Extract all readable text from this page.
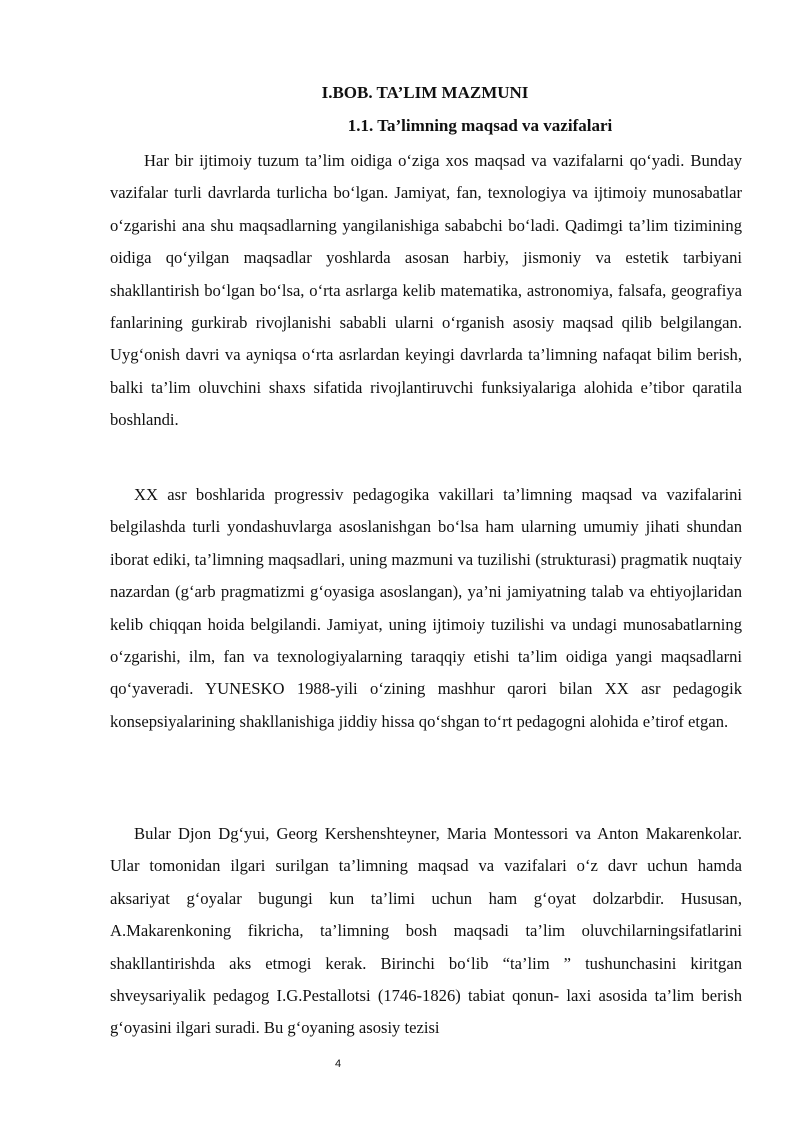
I.BOB. TA’LIM MAZMUNI
1.1. Ta’limning maqsad va vazifalari

Har bir ijtimoiy tuzum ta’lim oidiga o‘ziga xos maqsad va vazifalarni qo‘yadi. Bunday vazifalar turli davrlarda turlicha bo‘lgan. Jamiyat, fan, texnologiya va ijtimoiy munosabatlar o‘zgarishi ana shu maqsadlarning yangilanishiga sababchi bo‘ladi. Qadimgi ta’lim tizimining oidiga qo‘yilgan maqsadlar yoshlarda asosan harbiy, jismoniy va estetik tarbiyani shakllantirish bo‘lgan bo‘lsa, o‘rta asrlarga kelib matematika, astronomiya, falsafa, geografiya fanlarining gurkirab rivojlanishi sababli ularni o‘rganish asosiy maqsad qilib belgilangan. Uyg‘onish davri va ayniqsa o‘rta asrlardan keyingi davrlarda ta’limning nafaqat bilim berish, balki ta’lim oluvchini shaxs sifatida rivojlantiruvchi funksiyalariga alohida e’tibor qaratila boshlandi.

XX asr boshlarida progressiv pedagogika vakillari ta’limning maqsad va vazifalarini belgilashda turli yondashuvlarga asoslanishgan bo‘lsa ham ularning umumiy jihati shundan iborat ediki, ta’limning maqsadlari, uning mazmuni va tuzilishi (strukturasi) pragmatik nuqtaiy nazardan (g‘arb pragmatizmi g‘oyasiga asoslangan), ya’ni jamiyatning talab va ehtiyojlaridan kelib chiqqan hoida belgilandi. Jamiyat, uning ijtimoiy tuzilishi va undagi munosabatlarning o‘zgarishi, ilm, fan va texnologiyalarning taraqqiy etishi ta’lim oidiga yangi maqsadlarni qo‘yaveradi. YUNESKO 1988-yili o‘zining mashhur qarori bilan XX asr pedagogik konsepsiyalarining shakllanishiga jiddiy hissa qo‘shgan to‘rt pedagogni alohida e’tirof etgan.

Bular Djon Dg‘yui, Georg Kershenshteyner, Maria Montessori va Anton Makarenkolar. Ular tomonidan ilgari surilgan ta’limning maqsad va vazifalari o‘z davr uchun hamda aksariyat g‘oyalar bugungi kun ta’limi uchun ham g‘oyat dolzarbdir. Hususan, A.Makarenkoning fikricha, ta’limning bosh maqsadi ta’lim oluvchilarningsifatlarini shakllantirishda aks etmogi kerak. Birinchi bo‘lib “ta’lim ” tushunchasini kiritgan shveysariyalik pedagog I.G.Pestallotsi (1746-1826) tabiat qonun- laxi asosida ta’lim berish g‘oyasini ilgari suradi. Bu g‘oyaning asosiy tezisi

4
